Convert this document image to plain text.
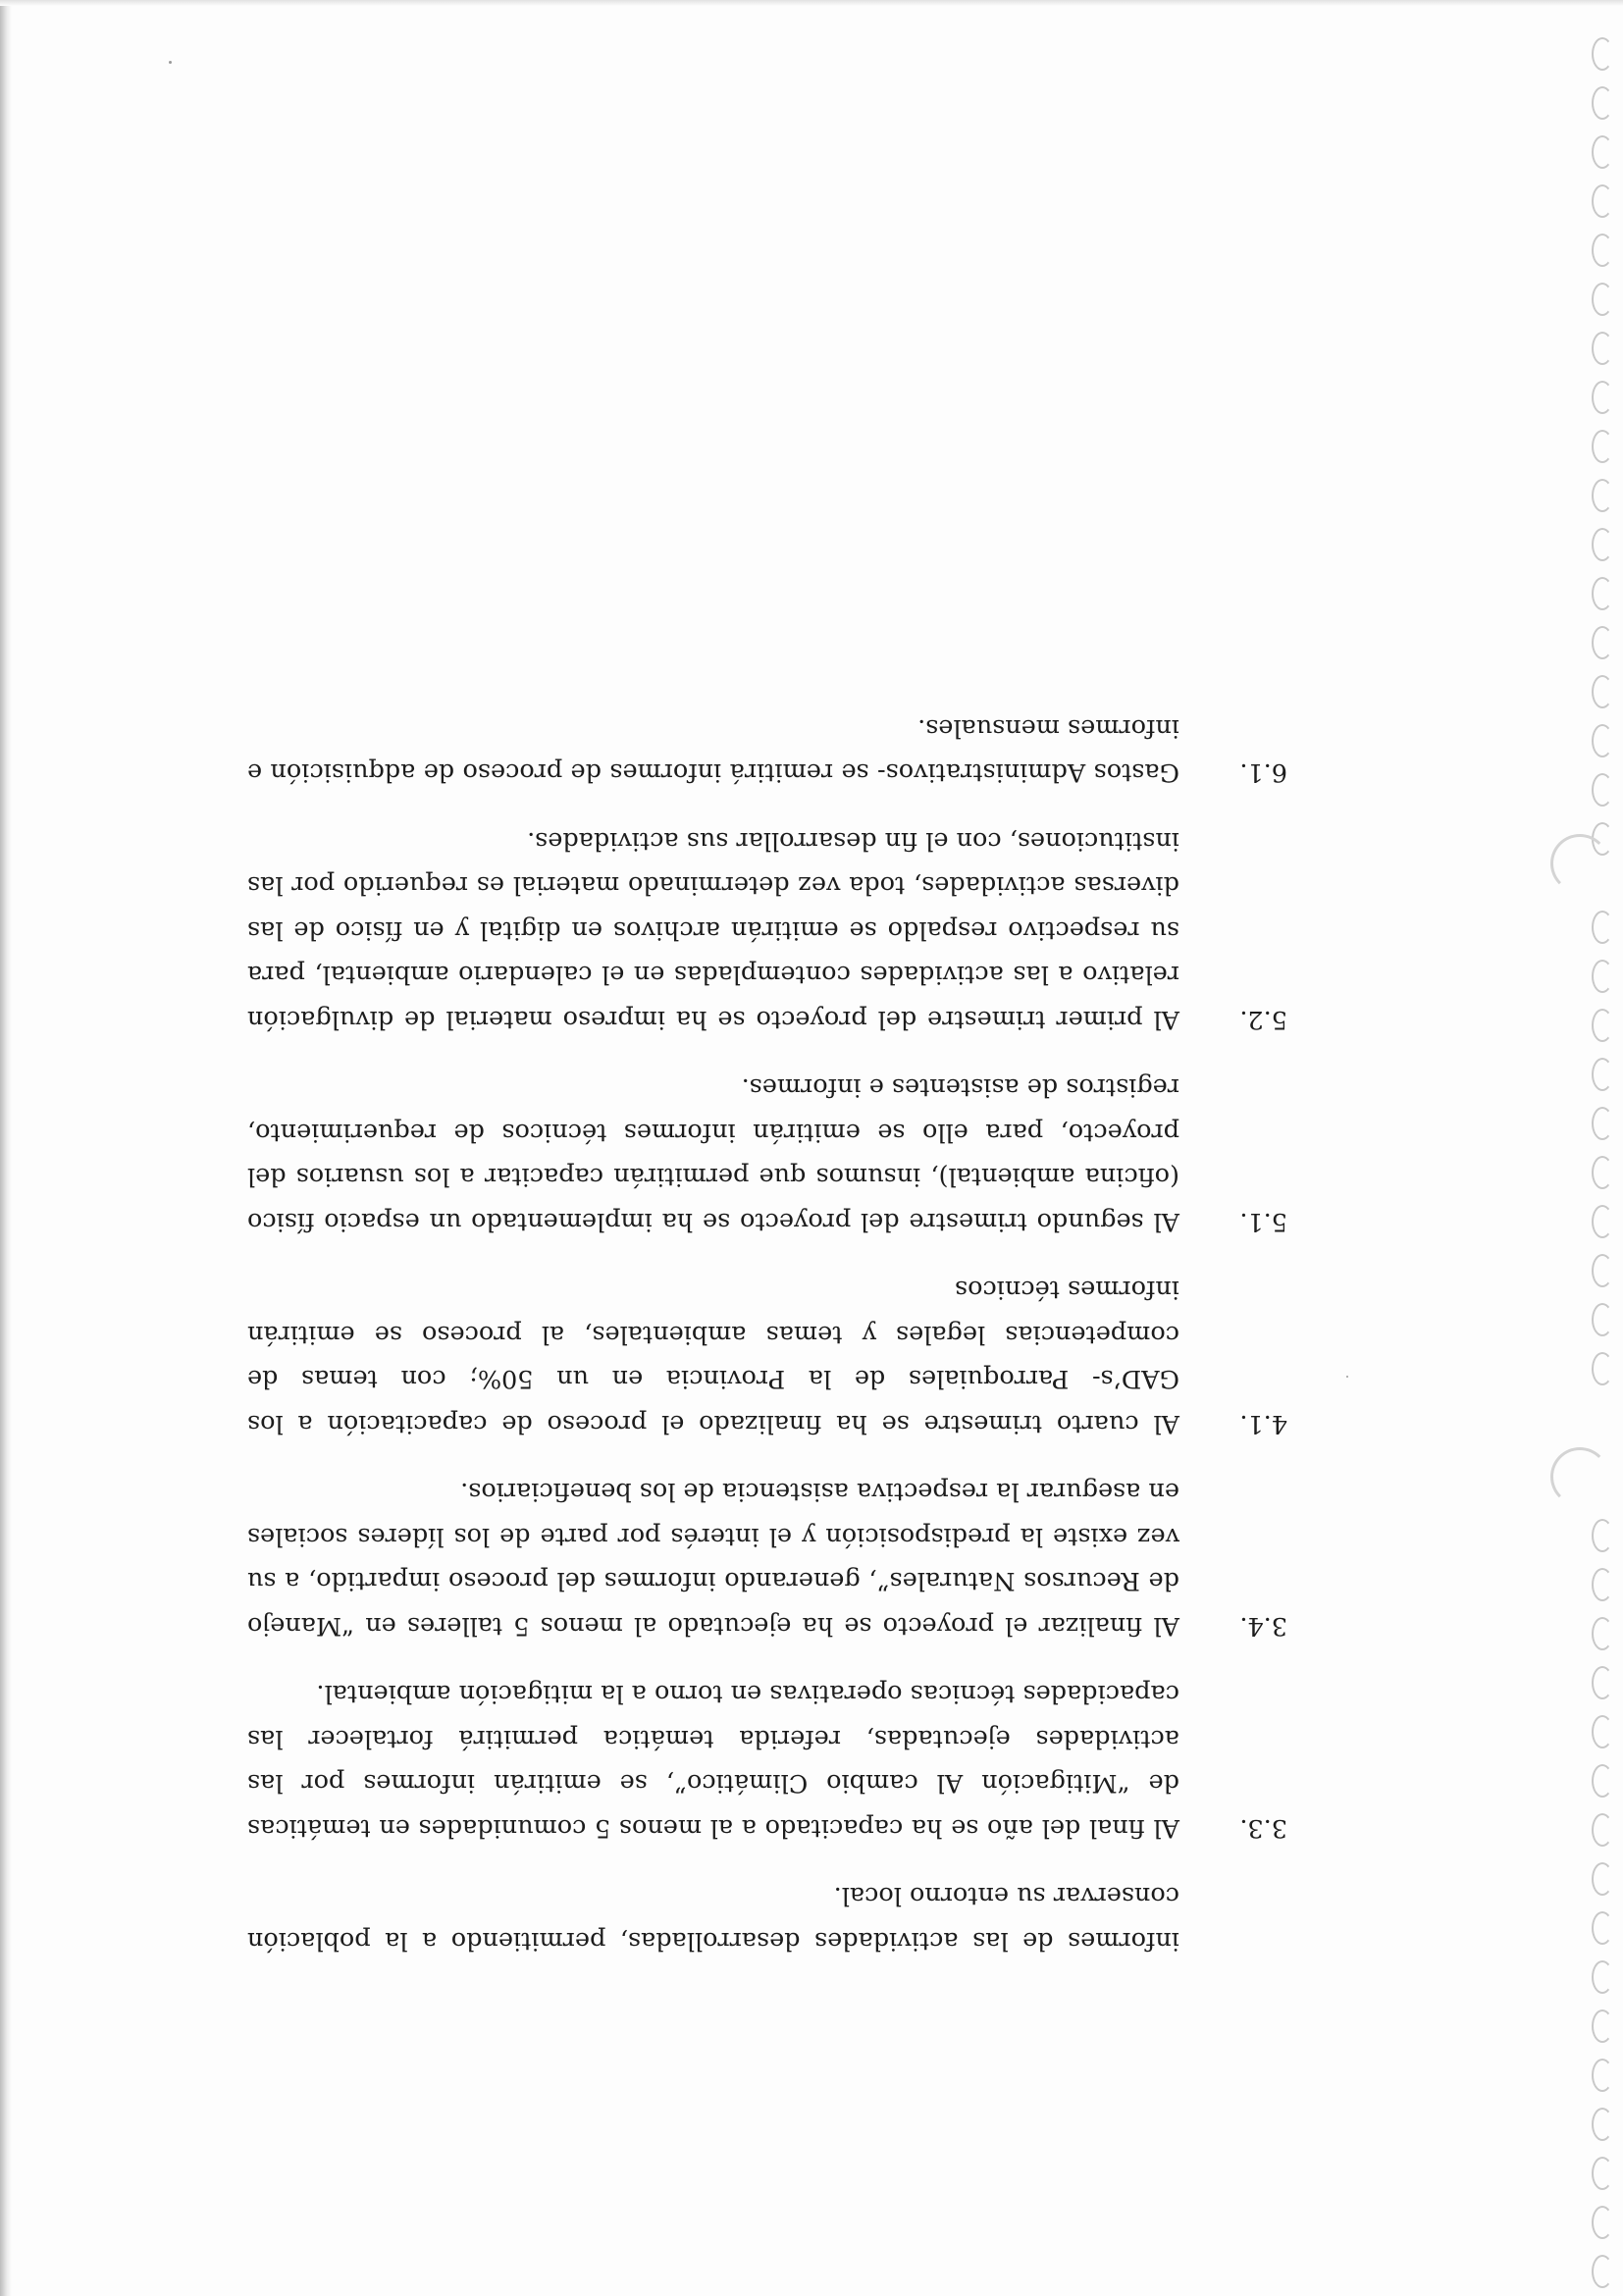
informes de las actividades desarrolladas, permitiendo a la población conservar su entorno local.
3.3.
Al final del año se ha capacitado a al menos 5 comunidades en temáticas de “Mitigación Al cambio Climático”, se emitirán informes por las actividades ejecutadas, referida temática permitirá fortalecer las capacidades técnicas operativas en torno a la mitigación ambiental.
3.4.
Al finalizar el proyecto se ha ejecutado al menos 5 talleres en “Manejo de Recursos Naturales”, generando informes del proceso impartido, a su vez existe la predisposición y el interés por parte de los líderes sociales en asegurar la respectiva asistencia de los beneficiarios.
4.1.
Al cuarto trimestre se ha finalizado el proceso de capacitación a los GAD’s- Parroquiales de la Provincia en un 50%; con temas de competencias legales y temas ambientales, al proceso se emitirán informes técnicos
5.1.
Al segundo trimestre del proyecto se ha implementado un espacio físico (oficina ambiental), insumos que permitirán capacitar a los usuarios del proyecto, para ello se emitirán informes técnicos de requerimiento, registros de asistentes e informes.
5.2.
Al primer trimestre del proyecto se ha impreso material de divulgación relativo a las actividades contempladas en el calendario ambiental, para su respectivo respaldo se emitirán archivos en digital y en físico de las diversas actividades, toda vez determinado material es requerido por las instituciones, con el fin desarrollar sus actividades.
6.1.
Gastos Administrativos- se remitirá informes de proceso de adquisición e informes mensuales.
